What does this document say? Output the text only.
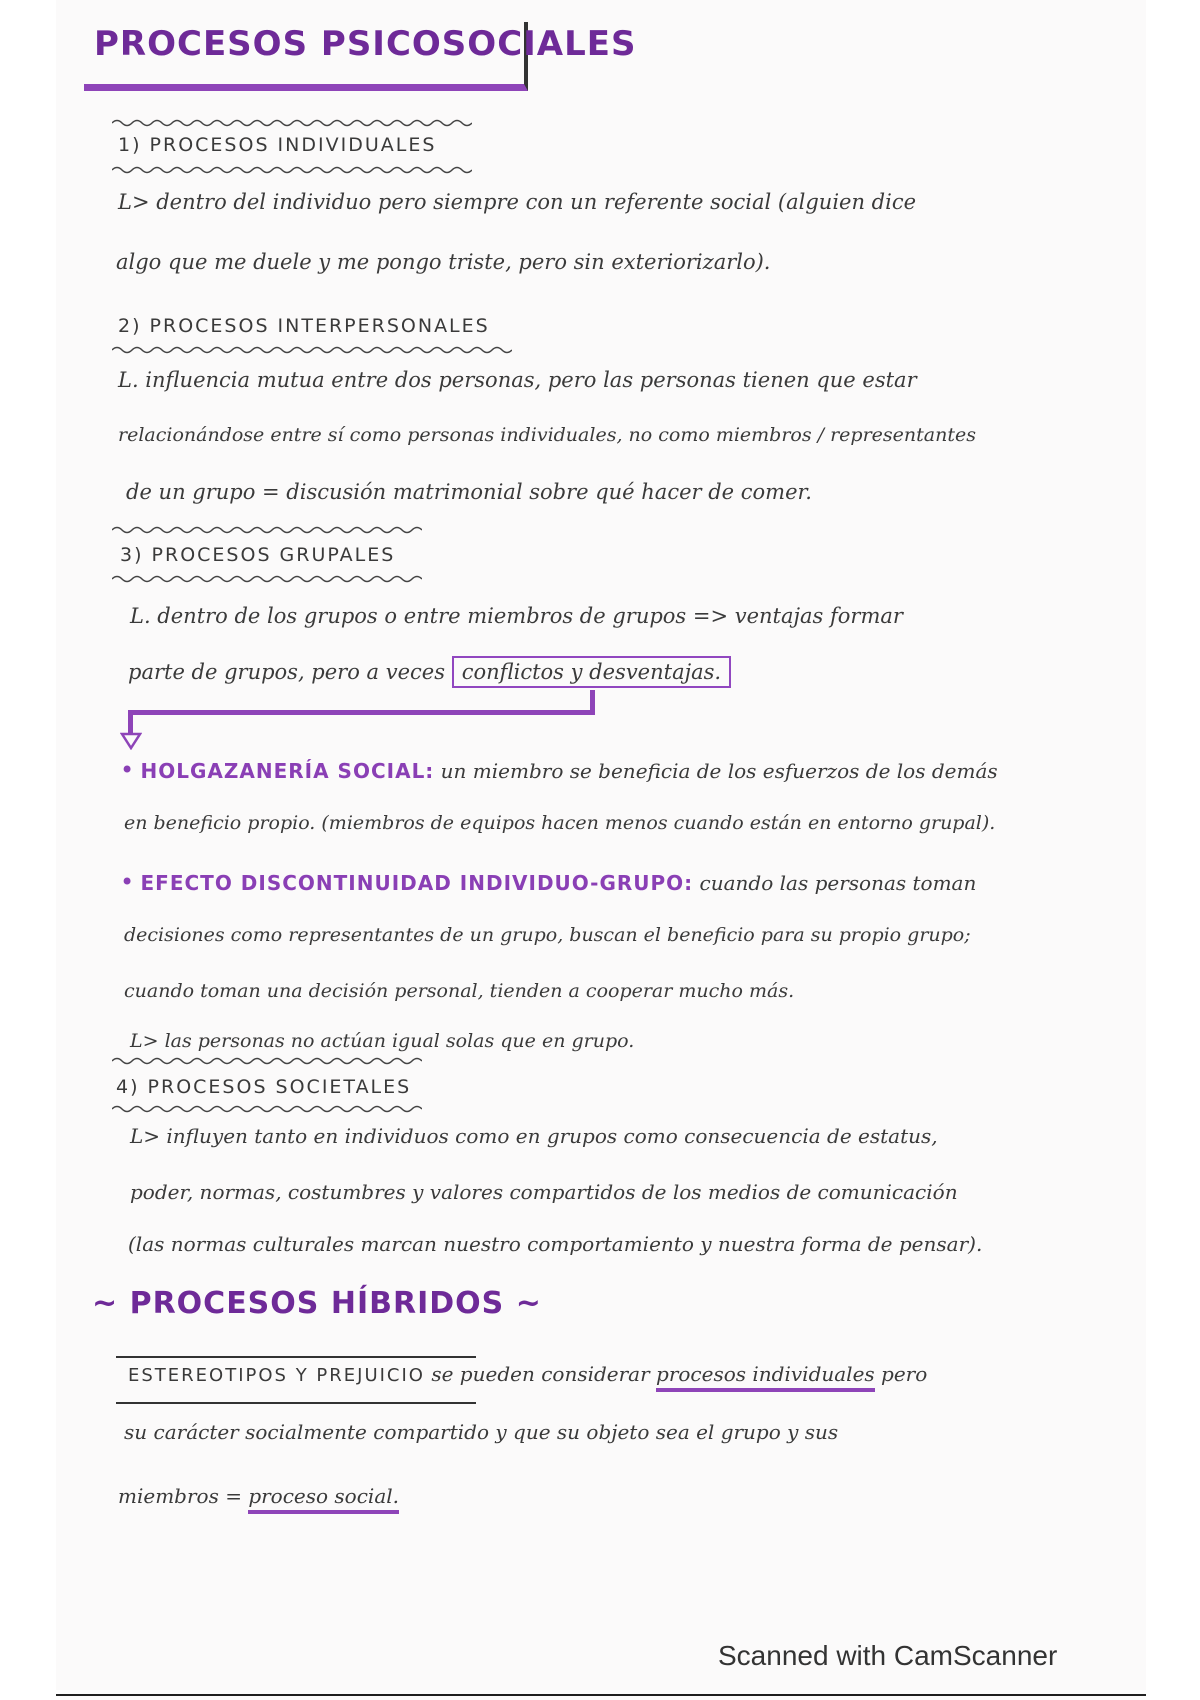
PROCESOS PSICOSOCIALES
1) PROCESOS INDIVIDUALES
L> dentro del individuo pero siempre con un referente social (alguien dice
algo que me duele y me pongo triste, pero sin exteriorizarlo).
2) PROCESOS INTERPERSONALES
L. influencia mutua entre dos personas, pero las personas tienen que estar
relacionándose entre sí como personas individuales, no como miembros / representantes
de un grupo = discusión matrimonial sobre qué hacer de comer.
3) PROCESOS GRUPALES
L. dentro de los grupos o entre miembros de grupos => ventajas formar
parte de grupos, pero a veces conflictos y desventajas.
• HOLGAZANERÍA SOCIAL: un miembro se beneficia de los esfuerzos de los demás
en beneficio propio. (miembros de equipos hacen menos cuando están en entorno grupal).
• EFECTO DISCONTINUIDAD INDIVIDUO-GRUPO: cuando las personas toman
decisiones como representantes de un grupo, buscan el beneficio para su propio grupo;
cuando toman una decisión personal, tienden a cooperar mucho más.
L> las personas no actúan igual solas que en grupo.
4) PROCESOS SOCIETALES
L> influyen tanto en individuos como en grupos como consecuencia de estatus,
poder, normas, costumbres y valores compartidos de los medios de comunicación
(las normas culturales marcan nuestro comportamiento y nuestra forma de pensar).
~ PROCESOS HÍBRIDOS ~
ESTEREOTIPOS Y PREJUICIO se pueden considerar procesos individuales pero
su carácter socialmente compartido y que su objeto sea el grupo y sus
miembros = proceso social.
Scanned with CamScanner
